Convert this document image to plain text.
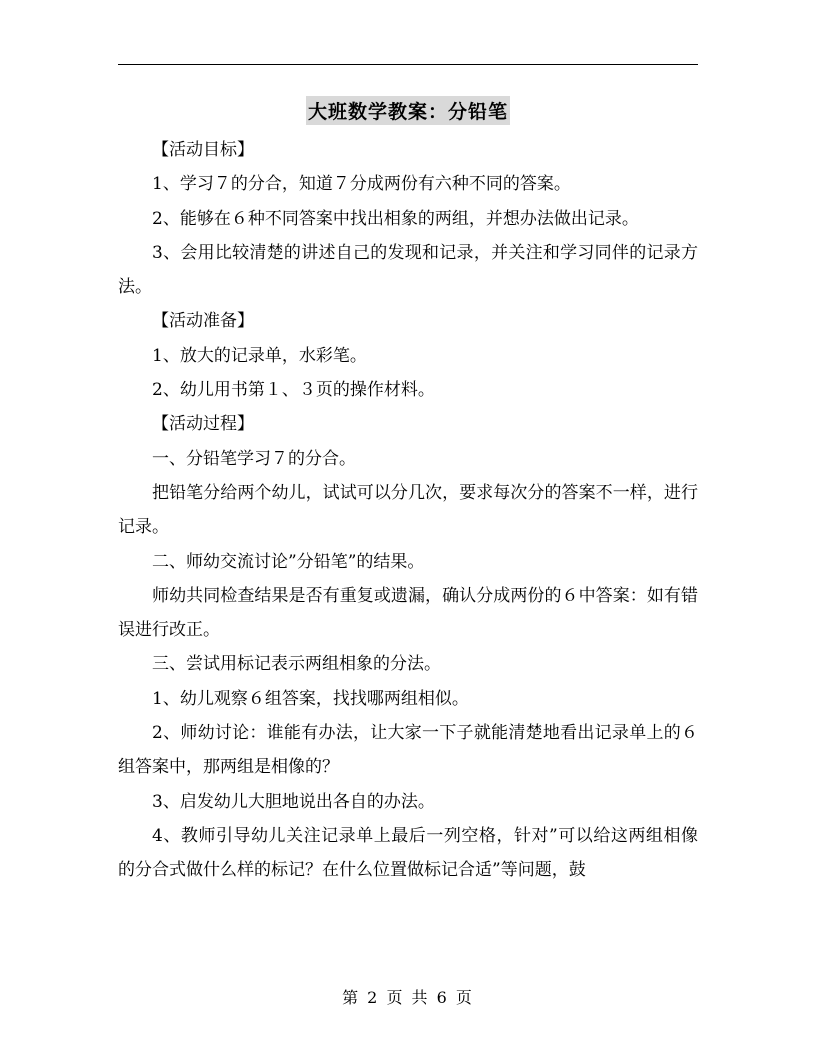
大班数学教案：分铅笔

【活动目标】

1、学习７的分合，知道７分成两份有六种不同的答案。

2、能够在６种不同答案中找出相象的两组，并想办法做出记录。

3、会用比较清楚的讲述自己的发现和记录，并关注和学习同伴的记录方法。

【活动准备】

1、放大的记录单，水彩笔。

2、幼儿用书第１、３页的操作材料。

【活动过程】

一、分铅笔学习７的分合。

把铅笔分给两个幼儿，试试可以分几次，要求每次分的答案不一样，进行记录。

二、师幼交流讨论”分铅笔”的结果。

师幼共同检查结果是否有重复或遗漏，确认分成两份的６中答案：如有错误进行改正。

三、尝试用标记表示两组相象的分法。

1、幼儿观察６组答案，找找哪两组相似。

2、师幼讨论：谁能有办法，让大家一下子就能清楚地看出记录单上的６组答案中，那两组是相像的？

3、启发幼儿大胆地说出各自的办法。

4、教师引导幼儿关注记录单上最后一列空格，针对”可以给这两组相像的分合式做什么样的标记？在什么位置做标记合适”等问题，鼓

第 2 页 共 6 页
